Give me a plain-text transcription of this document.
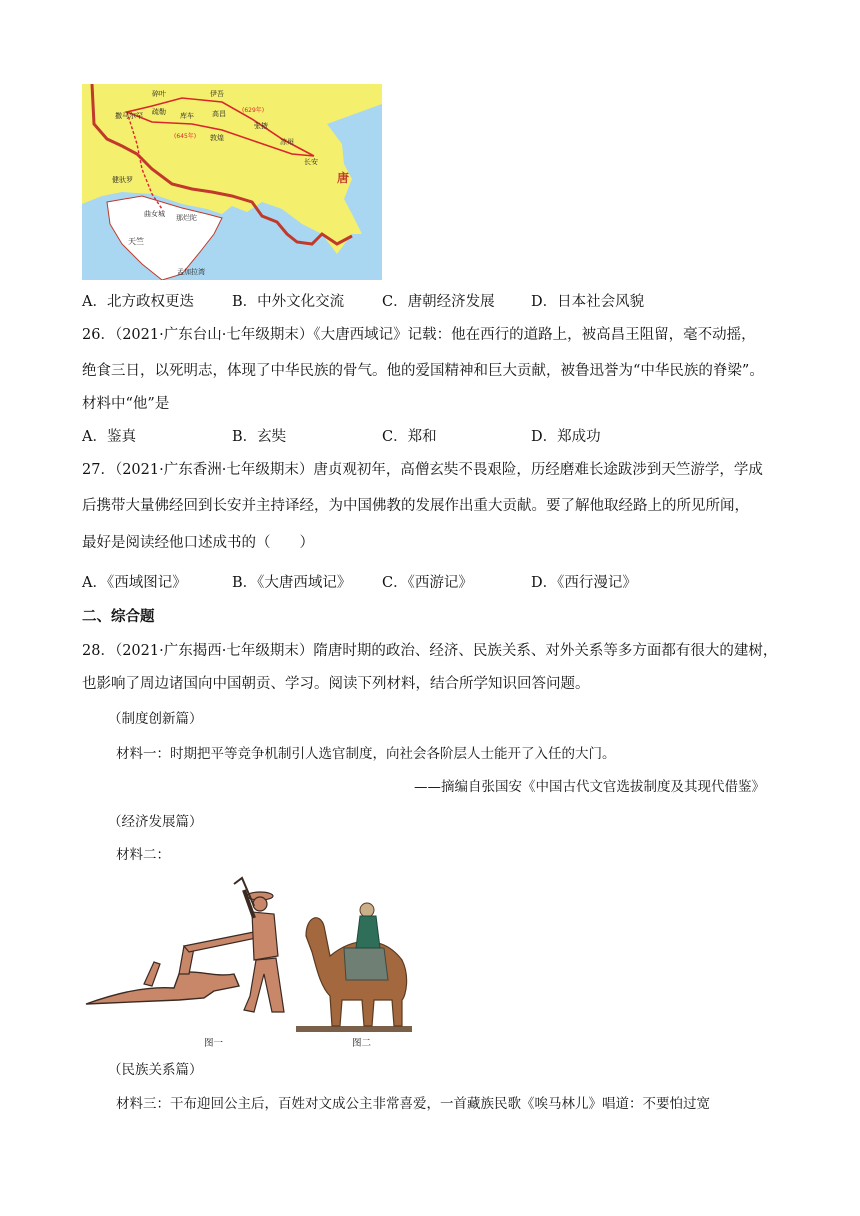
碎叶	伊吾
撒马尔罕 疏勒 库车	高昌
敦煌
张掖
凉州
长安
唐
健驮罗
曲女城 那烂陀
天竺
孟加拉湾
(645年)
(629年)
A．北方政权更迭	B．中外文化交流	C．唐朝经济发展	D．日本社会风貌
26．（2021·广东台山·七年级期末）《大唐西域记》记载：他在西行的道路上，被高昌王阻留，毫不动摇，
绝食三日，以死明志，体现了中华民族的骨气。他的爱国精神和巨大贡献，被鲁迅誉为“中华民族的脊梁”。
材料中“他”是
A．鉴真	B．玄奘	C．郑和	D．郑成功
27．（2021·广东香洲·七年级期末）唐贞观初年，高僧玄奘不畏艰险，历经磨难长途跋涉到天竺游学，学成
后携带大量佛经回到长安并主持译经，为中国佛教的发展作出重大贡献。要了解他取经路上的所见所闻，
最好是阅读经他口述成书的（　　）
A．《西域图记》	B．《大唐西域记》 C．《西游记》	D．《西行漫记》
二、综合题
28．（2021·广东揭西·七年级期末）隋唐时期的政治、经济、民族关系、对外关系等多方面都有很大的建树，
也影响了周边诸国向中国朝贡、学习。阅读下列材料，结合所学知识回答问题。
（制度创新篇）
材料一：时期把平等竞争机制引人选官制度，向社会各阶层人士能开了入任的大门。
——摘编自张国安《中国古代文官选拔制度及其现代借鉴》
（经济发展篇）
材料二：
图一	图二
（民族关系篇）
材料三：干布迎回公主后，百姓对文成公主非常喜爱，一首藏族民歌《唉马林儿》唱道：不要怕过宽
